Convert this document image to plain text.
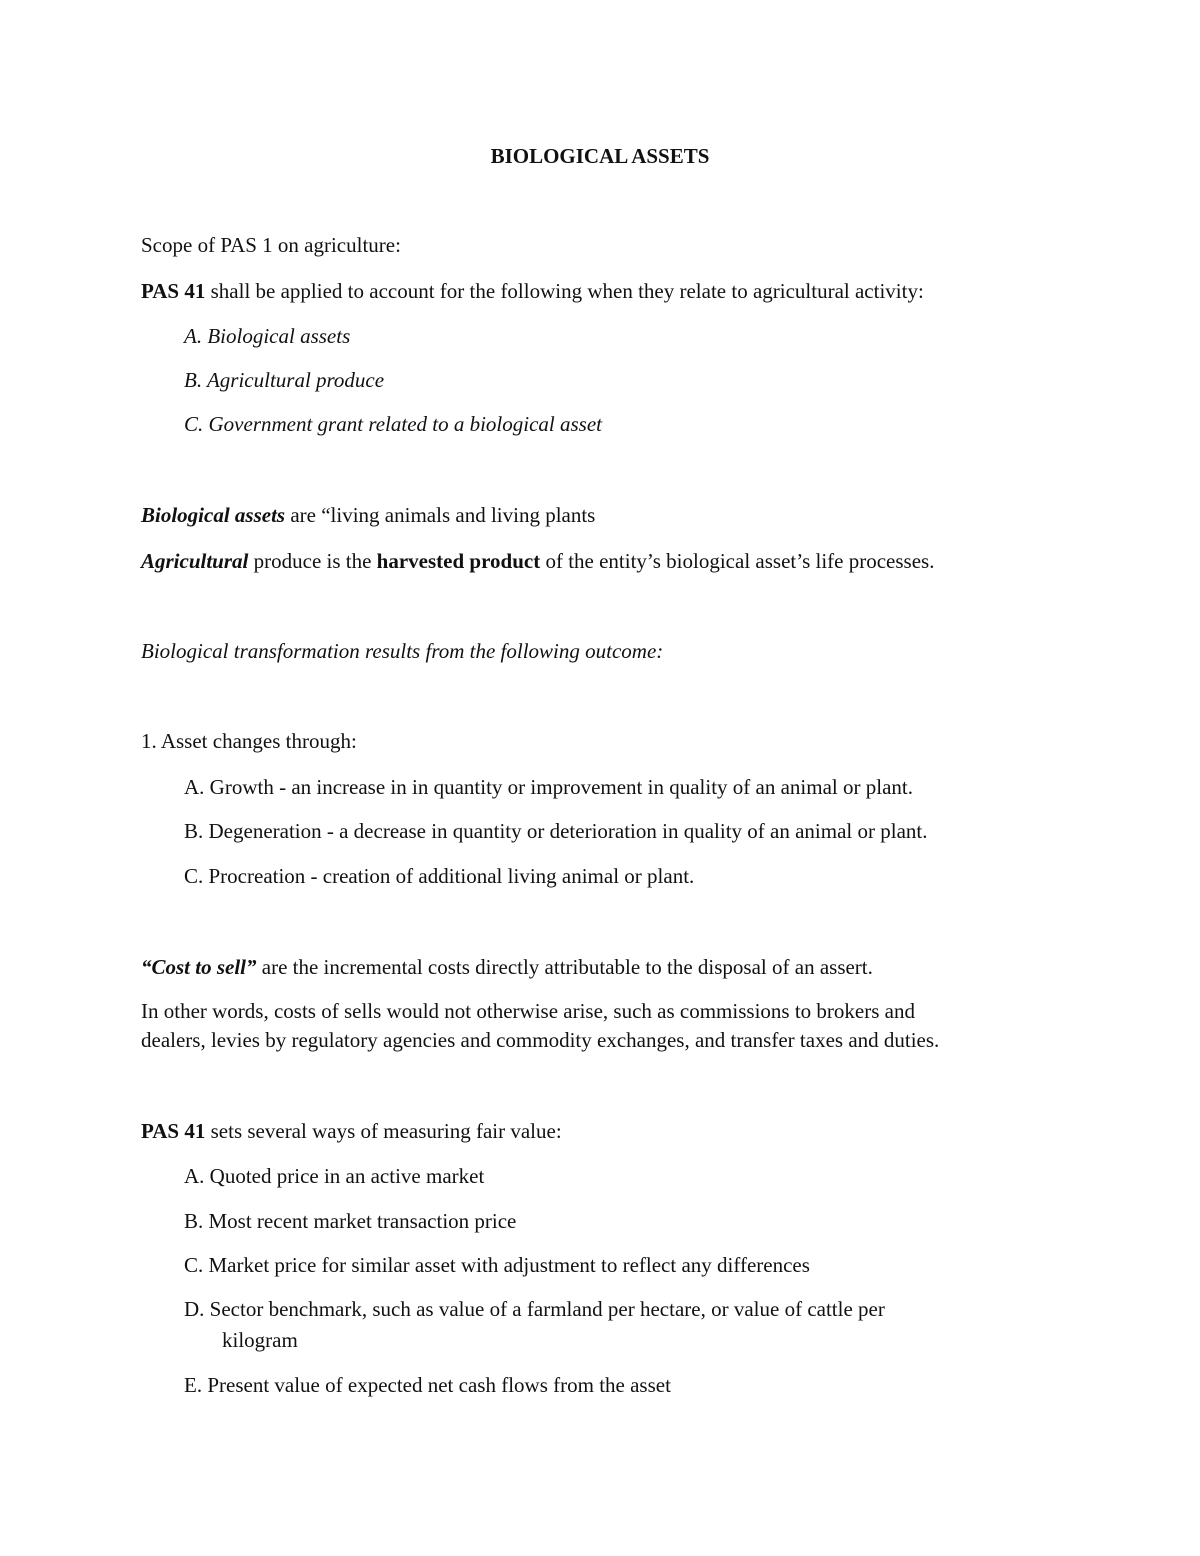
BIOLOGICAL ASSETS
Scope of PAS 1 on agriculture:
PAS 41 shall be applied to account for the following when they relate to agricultural activity:
A. Biological assets
B. Agricultural produce
C. Government grant related to a biological asset
Biological assets are “living animals and living plants
Agricultural produce is the harvested product of the entity’s biological asset’s life processes.
Biological transformation results from the following outcome:
1. Asset changes through:
A. Growth - an increase in in quantity or improvement in quality of an animal or plant.
B. Degeneration - a decrease in quantity or deterioration in quality of an animal or plant.
C. Procreation - creation of additional living animal or plant.
“Cost to sell” are the incremental costs directly attributable to the disposal of an assert.
In other words, costs of sells would not otherwise arise, such as commissions to brokers and
dealers, levies by regulatory agencies and commodity exchanges, and transfer taxes and duties.
PAS 41 sets several ways of measuring fair value:
A. Quoted price in an active market
B. Most recent market transaction price
C. Market price for similar asset with adjustment to reflect any differences
D. Sector benchmark, such as value of a farmland per hectare, or value of cattle per
kilogram
E. Present value of expected net cash flows from the asset
